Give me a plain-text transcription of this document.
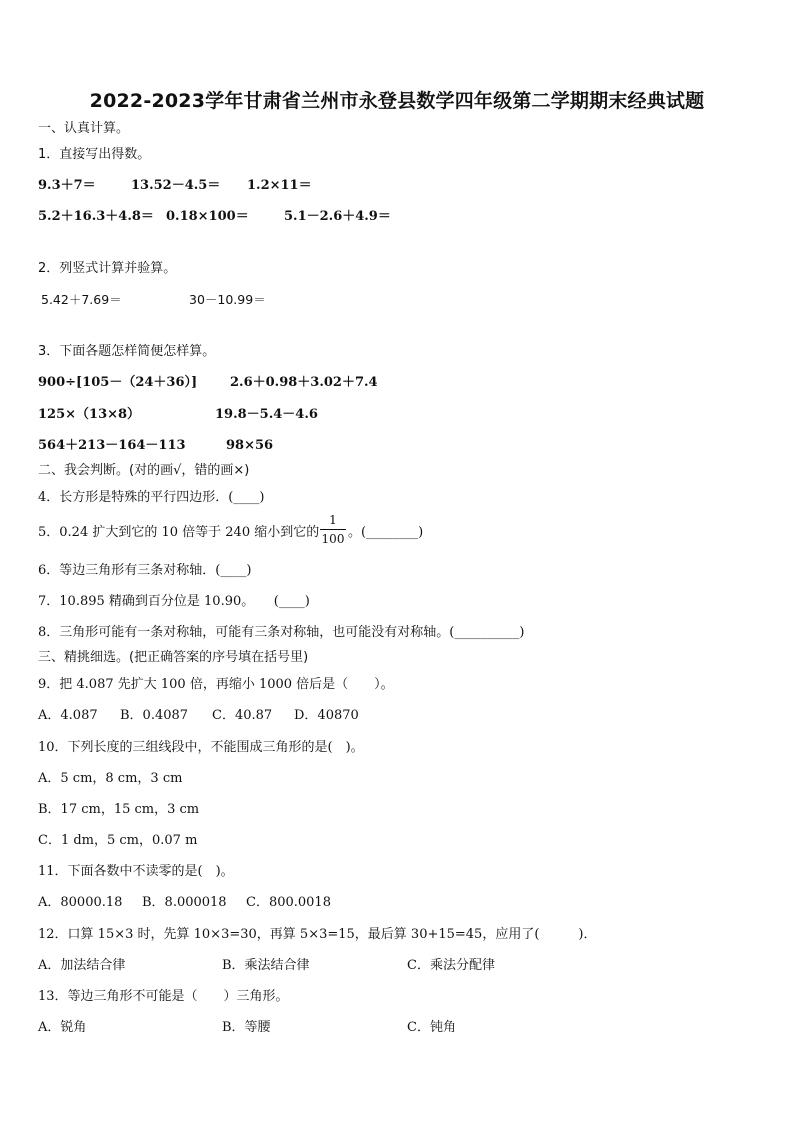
2022-2023学年甘肃省兰州市永登县数学四年级第二学期期末经典试题
一、认真计算。
1．直接写出得数。
9.3＋7＝	13.52－4.5＝ 1.2×11＝
5.2＋16.3＋4.8＝ 0.18×100＝	5.1－2.6＋4.9＝
2．列竖式计算并验算。
5.42＋7.69＝	30－10.99＝
3．下面各题怎样简便怎样算。
900÷[105－（24＋36）]	2.6＋0.98＋3.02＋7.4
125×（13×8）	19.8－5.4－4.6
564＋213－164－113	98×56
二、我会判断。(对的画√，错的画×)
4．长方形是特殊的平行四边形．(____)
5．0.24 扩大到它的 10 倍等于 240 缩小到它的
1
100 。(________)
6．等边三角形有三条对称轴．(____)
7．10.895 精确到百分位是 10.90。　　(____)
8．三角形可能有一条对称轴，可能有三条对称轴，也可能没有对称轴。(__________)
三、精挑细选。(把正确答案的序号填在括号里)
9．把 4.087 先扩大 100 倍，再缩小 1000 倍后是（　　）。
A．4.087 B．0.4087 C．40.87 D．40870
10．下列长度的三组线段中，不能围成三角形的是(　)。
A．5 cm，8 cm，3 cm
B．17 cm，15 cm，3 cm
C．1 dm，5 cm，0.07 m
11．下面各数中不读零的是(　)。
A．80000.18 B．8.000018 C．800.0018
12．口算 15×3 时，先算 10×3=30，再算 5×3=15，最后算 30+15=45，应用了(　　　)．
A．加法结合律	B．乘法结合律	C．乘法分配律
13．等边三角形不可能是（　　）三角形。
A．锐角	B．等腰	C．钝角
